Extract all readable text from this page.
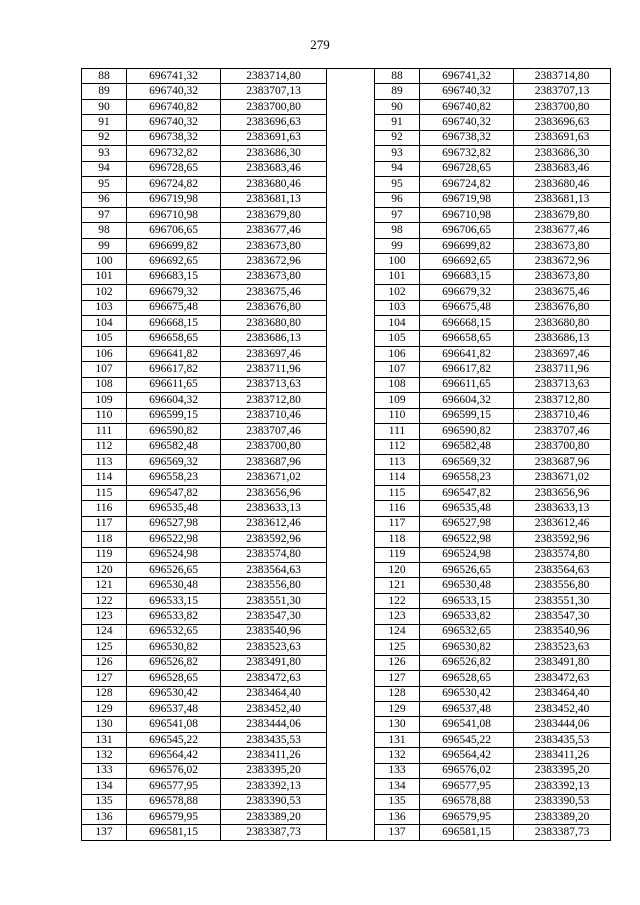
279
88	696741,32	2383714,80		88	696741,32	2383714,80
89	696740,32	2383707,13		89	696740,32	2383707,13
90	696740,82	2383700,80		90	696740,82	2383700,80
91	696740,32	2383696,63		91	696740,32	2383696,63
92	696738,32	2383691,63		92	696738,32	2383691,63
93	696732,82	2383686,30		93	696732,82	2383686,30
94	696728,65	2383683,46		94	696728,65	2383683,46
95	696724,82	2383680,46		95	696724,82	2383680,46
96	696719,98	2383681,13		96	696719,98	2383681,13
97	696710,98	2383679,80		97	696710,98	2383679,80
98	696706,65	2383677,46		98	696706,65	2383677,46
99	696699,82	2383673,80		99	696699,82	2383673,80
100	696692,65	2383672,96		100	696692,65	2383672,96
101	696683,15	2383673,80		101	696683,15	2383673,80
102	696679,32	2383675,46		102	696679,32	2383675,46
103	696675,48	2383676,80		103	696675,48	2383676,80
104	696668,15	2383680,80		104	696668,15	2383680,80
105	696658,65	2383686,13		105	696658,65	2383686,13
106	696641,82	2383697,46		106	696641,82	2383697,46
107	696617,82	2383711,96		107	696617,82	2383711,96
108	696611,65	2383713,63		108	696611,65	2383713,63
109	696604,32	2383712,80		109	696604,32	2383712,80
110	696599,15	2383710,46		110	696599,15	2383710,46
111	696590,82	2383707,46		111	696590,82	2383707,46
112	696582,48	2383700,80		112	696582,48	2383700,80
113	696569,32	2383687,96		113	696569,32	2383687,96
114	696558,23	2383671,02		114	696558,23	2383671,02
115	696547,82	2383656,96		115	696547,82	2383656,96
116	696535,48	2383633,13		116	696535,48	2383633,13
117	696527,98	2383612,46		117	696527,98	2383612,46
118	696522,98	2383592,96		118	696522,98	2383592,96
119	696524,98	2383574,80		119	696524,98	2383574,80
120	696526,65	2383564,63		120	696526,65	2383564,63
121	696530,48	2383556,80		121	696530,48	2383556,80
122	696533,15	2383551,30		122	696533,15	2383551,30
123	696533,82	2383547,30		123	696533,82	2383547,30
124	696532,65	2383540,96		124	696532,65	2383540,96
125	696530,82	2383523,63		125	696530,82	2383523,63
126	696526,82	2383491,80		126	696526,82	2383491,80
127	696528,65	2383472,63		127	696528,65	2383472,63
128	696530,42	2383464,40		128	696530,42	2383464,40
129	696537,48	2383452,40		129	696537,48	2383452,40
130	696541,08	2383444,06		130	696541,08	2383444,06
131	696545,22	2383435,53		131	696545,22	2383435,53
132	696564,42	2383411,26		132	696564,42	2383411,26
133	696576,02	2383395,20		133	696576,02	2383395,20
134	696577,95	2383392,13		134	696577,95	2383392,13
135	696578,88	2383390,53		135	696578,88	2383390,53
136	696579,95	2383389,20		136	696579,95	2383389,20
137	696581,15	2383387,73		137	696581,15	2383387,73
